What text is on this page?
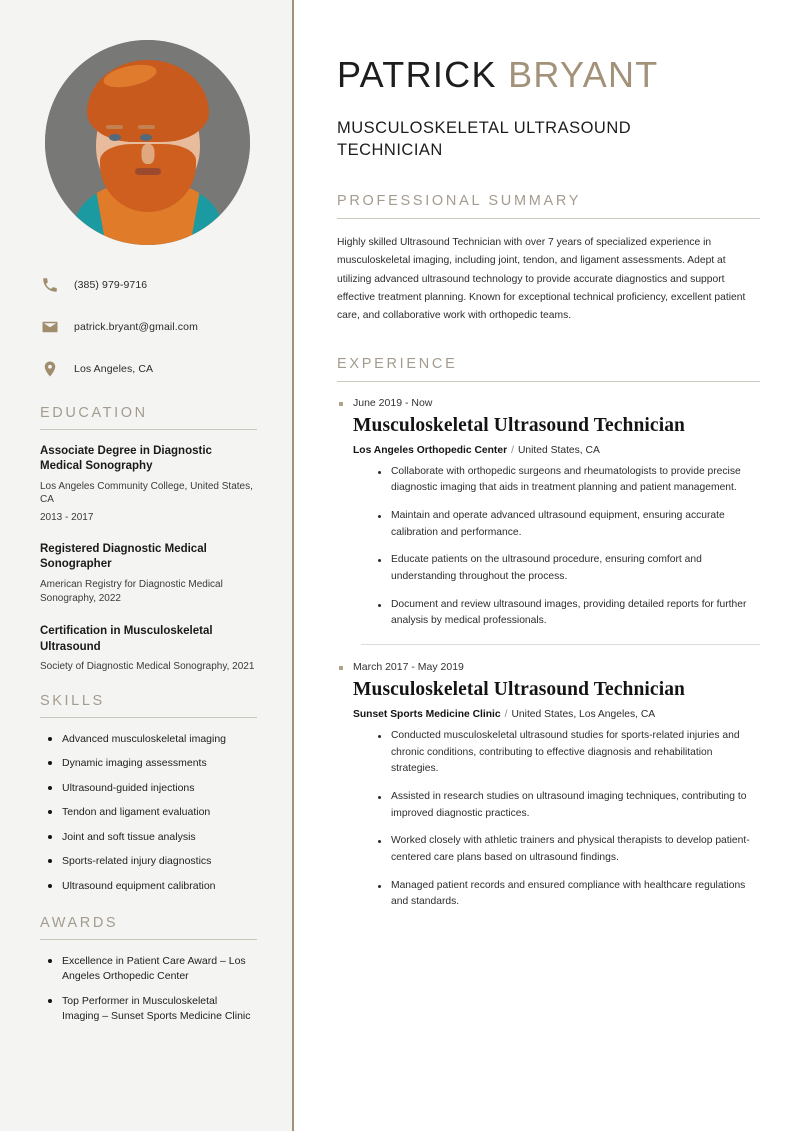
(385) 979-9716
patrick.bryant@gmail.com
Los Angeles, CA
EDUCATION
Associate Degree in Diagnostic Medical Sonography
Los Angeles Community College, United States, CA
2013 - 2017
Registered Diagnostic Medical Sonographer
American Registry for Diagnostic Medical Sonography, 2022
Certification in Musculoskeletal Ultrasound
Society of Diagnostic Medical Sonography, 2021
SKILLS
Advanced musculoskeletal imaging
Dynamic imaging assessments
Ultrasound-guided injections
Tendon and ligament evaluation
Joint and soft tissue analysis
Sports-related injury diagnostics
Ultrasound equipment calibration
AWARDS
Excellence in Patient Care Award – Los Angeles Orthopedic Center
Top Performer in Musculoskeletal Imaging – Sunset Sports Medicine Clinic
PATRICK BRYANT
MUSCULOSKELETAL ULTRASOUND TECHNICIAN
PROFESSIONAL SUMMARY

Highly skilled Ultrasound Technician with over 7 years of specialized experience in musculoskeletal imaging, including joint, tendon, and ligament assessments. Adept at utilizing advanced ultrasound technology to provide accurate diagnostics and support effective treatment planning. Known for exceptional technical proficiency, excellent patient care, and collaborative work with orthopedic teams.

EXPERIENCE
June 2019 - Now
Musculoskeletal Ultrasound Technician
Los Angeles Orthopedic Center / United States, CA
Collaborate with orthopedic surgeons and rheumatologists to provide precise diagnostic imaging that aids in treatment planning and patient management.
Maintain and operate advanced ultrasound equipment, ensuring accurate calibration and performance.
Educate patients on the ultrasound procedure, ensuring comfort and understanding throughout the process.
Document and review ultrasound images, providing detailed reports for further analysis by medical professionals.
March 2017 - May 2019
Musculoskeletal Ultrasound Technician
Sunset Sports Medicine Clinic / United States, Los Angeles, CA
Conducted musculoskeletal ultrasound studies for sports-related injuries and chronic conditions, contributing to effective diagnosis and rehabilitation strategies.
Assisted in research studies on ultrasound imaging techniques, contributing to improved diagnostic practices.
Worked closely with athletic trainers and physical therapists to develop patient-centered care plans based on ultrasound findings.
Managed patient records and ensured compliance with healthcare regulations and standards.
